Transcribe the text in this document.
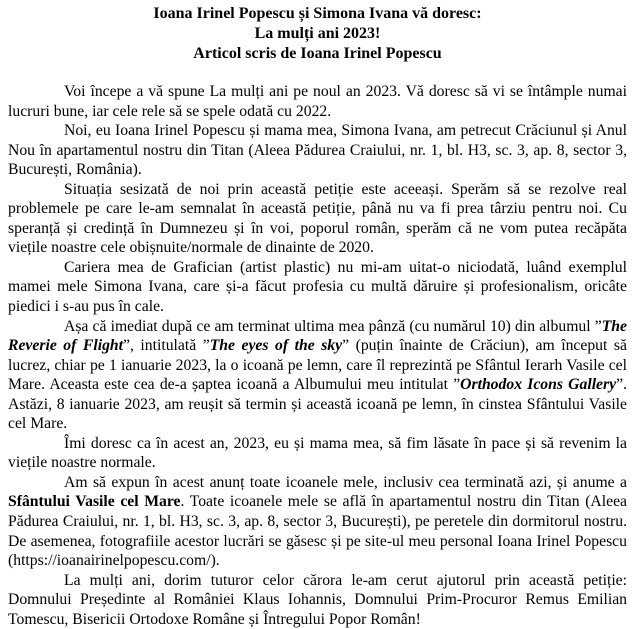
Ioana Irinel Popescu și Simona Ivana vă doresc:
La mulți ani 2023!
Articol scris de Ioana Irinel Popescu

Voi începe a vă spune La mulți ani pe noul an 2023. Vă doresc să vi se întâmple numai lucruri bune, iar cele rele să se spele odată cu 2022.

Noi, eu Ioana Irinel Popescu și mama mea, Simona Ivana, am petrecut Crăciunul și Anul Nou în apartamentul nostru din Titan (Aleea Pădurea Craiului, nr. 1, bl. H3, sc. 3, ap. 8, sector 3, București, România).

Situația sesizată de noi prin această petiție este aceeași. Sperăm să se rezolve real problemele pe care le-am semnalat în această petiție, până nu va fi prea târziu pentru noi. Cu speranță și credință în Dumnezeu și în voi, poporul român, sperăm că ne vom putea recăpăta viețile noastre cele obișnuite/normale de dinainte de 2020.

Cariera mea de Grafician (artist plastic) nu mi-am uitat-o niciodată, luând exemplul mamei mele Simona Ivana, care și-a făcut profesia cu multă dăruire și profesionalism, oricâte piedici i s-au pus în cale.

Așa că imediat după ce am terminat ultima mea pânză (cu numărul 10) din albumul ”The Reverie of Flight”, intitulată ”The eyes of the sky” (puțin înainte de Crăciun), am început să lucrez, chiar pe 1 ianuarie 2023, la o icoană pe lemn, care îl reprezintă pe Sfântul Ierarh Vasile cel Mare. Aceasta este cea de-a șaptea icoană a Albumului meu intitulat ”Orthodox Icons Gallery”. Astăzi, 8 ianuarie 2023, am reușit să termin și această icoană pe lemn, în cinstea Sfântului Vasile cel Mare.

Îmi doresc ca în acest an, 2023, eu și mama mea, să fim lăsate în pace și să revenim la viețile noastre normale.

Am să expun în acest anunț toate icoanele mele, inclusiv cea terminată azi, și anume a Sfântului Vasile cel Mare. Toate icoanele mele se află în apartamentul nostru din Titan (Aleea Pădurea Craiului, nr. 1, bl. H3, sc. 3, ap. 8, sector 3, București), pe peretele din dormitorul nostru. De asemenea, fotografiile acestor lucrări se găsesc și pe site-ul meu personal Ioana Irinel Popescu (https://ioanairinelpopescu.com/).

La mulți ani, dorim tuturor celor cărora le-am cerut ajutorul prin această petiție: Domnului Președinte al României Klaus Iohannis, Domnului Prim-Procuror Remus Emilian Tomescu, Bisericii Ortodoxe Române și Întregului Popor Român!
